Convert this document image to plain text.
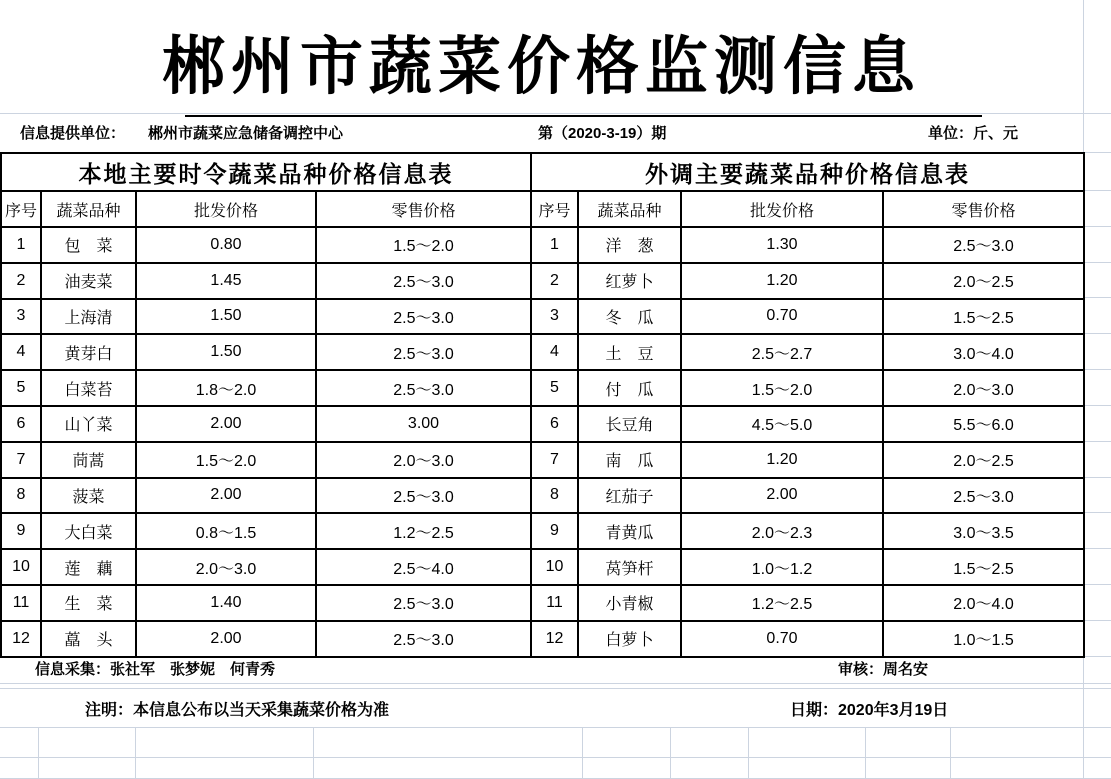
郴州市蔬菜价格监测信息
信息提供单位： 郴州市蔬菜应急储备调控中心	第（2020-3-19）期	单位：斤、元
本地主要时令蔬菜品种价格信息表			
序号	蔬菜品种	批发价格	零售价格
1	包　菜	0.80	1.5～2.0
2	油麦菜	1.45	2.5～3.0
3	上海清	1.50	2.5～3.0
4	黄芽白	1.50	2.5～3.0
5	白菜苔	1.8～2.0	2.5～3.0
6	山丫菜	2.00	3.00
7	茼蒿	1.5～2.0	2.0～3.0
8	菠菜	2.00	2.5～3.0
9	大白菜	0.8～1.5	1.2～2.5
10	莲　藕	2.0～3.0	2.5～4.0
11	生　菜	1.40	2.5～3.0
12	藠　头	2.00	2.5～3.0
外调主要蔬菜品种价格信息表			
序号	蔬菜品种	批发价格	零售价格
1	洋　葱	1.30	2.5～3.0
2	红萝卜	1.20	2.0～2.5
3	冬　瓜	0.70	1.5～2.5
4	土　豆	2.5～2.7	3.0～4.0
5	付　瓜	1.5～2.0	2.0～3.0
6	长豆角	4.5～5.0	5.5～6.0
7	南　瓜	1.20	2.0～2.5
8	红茄子	2.00	2.5～3.0
9	青黄瓜	2.0～2.3	3.0～3.5
10	莴笋杆	1.0～1.2	1.5～2.5
11	小青椒	1.2～2.5	2.0～4.0
12	白萝卜	0.70	1.0～1.5
信息采集：张社军　张梦妮　何青秀	审核：周名安
注明：本信息公布以当天采集蔬菜价格为准	日期：2020年3月19日
